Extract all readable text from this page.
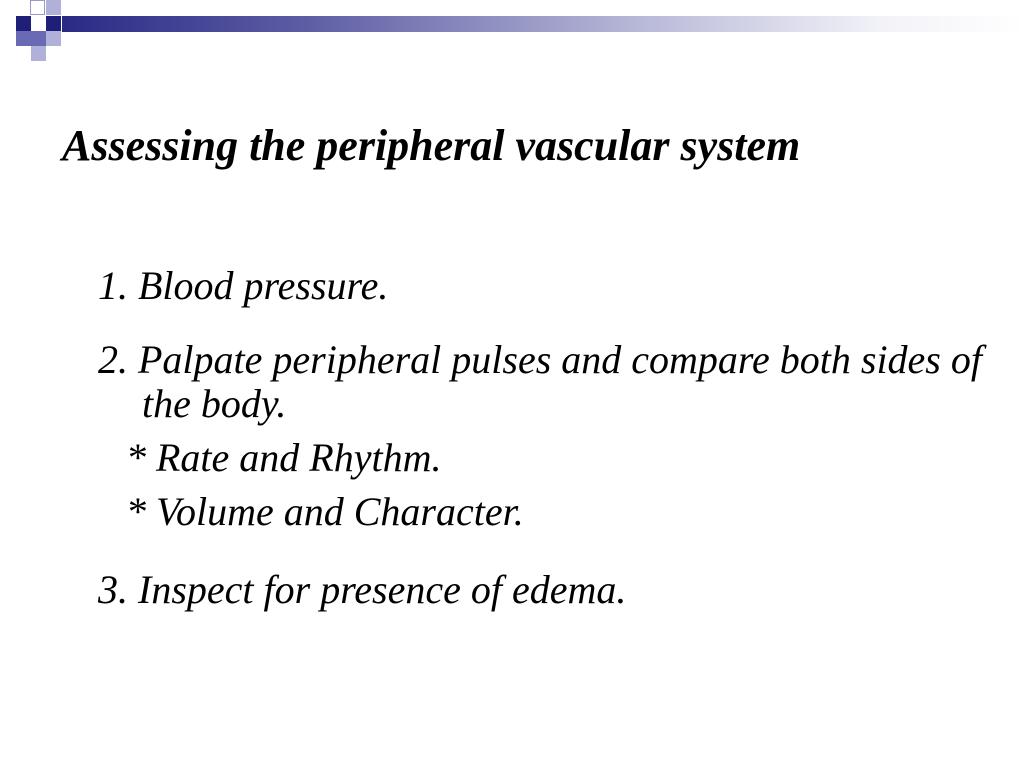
Assessing the peripheral vascular system

1. Blood pressure.

2. Palpate peripheral pulses and compare both sides of the body.

* Rate and Rhythm.

* Volume and Character.

3. Inspect for presence of edema.
